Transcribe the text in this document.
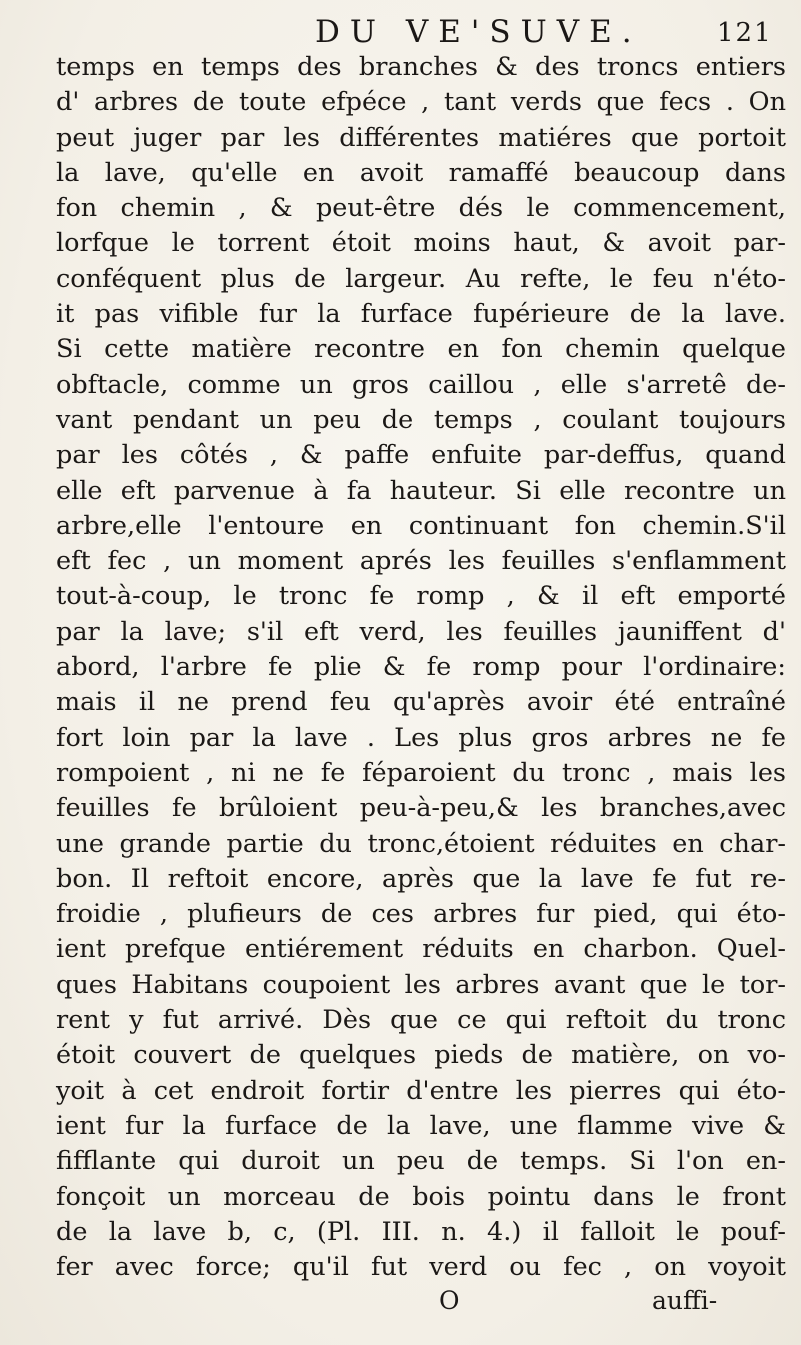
DU VE'SUVE.	121
temps en temps des branches & des troncs entiers
d' arbres de toute efpéce , tant verds que fecs . On
peut juger par les différentes matiéres que portoit
la lave, qu'elle en avoit ramaffé beaucoup dans
fon chemin , & peut-être dés le commencement,
lorfque le torrent étoit moins haut, & avoit par-
conféquent plus de largeur. Au refte, le feu n'éto-
it pas vifible fur la furface fupérieure de la lave.
Si cette matière recontre en fon chemin quelque
obftacle, comme un gros caillou , elle s'arretê de-
vant pendant un peu de temps , coulant toujours
par les côtés , & paffe enfuite par-deffus, quand
elle eft parvenue à fa hauteur. Si elle recontre un
arbre,elle l'entoure en continuant fon chemin.S'il
eft fec , un moment aprés les feuilles s'enflamment
tout-à-coup, le tronc fe romp , & il eft emporté
par la lave; s'il eft verd, les feuilles jauniffent d'
abord, l'arbre fe plie & fe romp pour l'ordinaire:
mais il ne prend feu qu'après avoir été entraîné
fort loin par la lave . Les plus gros arbres ne fe
rompoient , ni ne fe féparoient du tronc , mais les
feuilles fe brûloient peu-à-peu,& les branches,avec
une grande partie du tronc,étoient réduites en char-
bon. Il reftoit encore, après que la lave fe fut re-
froidie , plufieurs de ces arbres fur pied, qui éto-
ient prefque entiérement réduits en charbon. Quel-
ques Habitans coupoient les arbres avant que le tor-
rent y fut arrivé. Dès que ce qui reftoit du tronc
étoit couvert de quelques pieds de matière, on vo-
yoit à cet endroit fortir d'entre les pierres qui éto-
ient fur la furface de la lave, une flamme vive &
fifflante qui duroit un peu de temps. Si l'on en-
fonçoit un morceau de bois pointu dans le front
de la lave b, c, (Pl. III. n. 4.) il falloit le pouf-
fer avec force; qu'il fut verd ou fec , on voyoit
O	auffi-
